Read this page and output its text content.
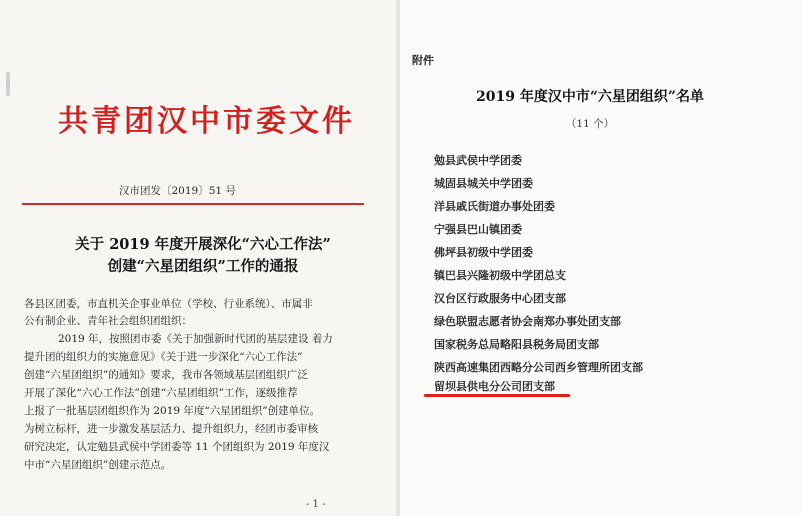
共青团汉中市委文件
汉市团发〔2019〕51 号
关于 2019 年度开展深化“六心工作法”
创建“六星团组织”工作的通报
各县区团委，市直机关企事业单位（学校、行业系统）、市属非
公有制企业、青年社会组织团组织：
2019 年，按照团市委《关于加强新时代团的基层建设 着力
提升团的组织力的实施意见》《关于进一步深化“六心工作法”
创建“六星团组织”的通知》要求，我市各领域基层团组织广泛
开展了深化“六心工作法”创建“六星团组织”工作，逐级推荐
上报了一批基层团组织作为 2019 年度“六星团组织”创建单位。
为树立标杆，进一步激发基层活力、提升组织力，经团市委审核
研究决定，认定勉县武侯中学团委等 11 个团组织为 2019 年度汉
中市“六星团组织”创建示范点。
- 1 -
附件
2019 年度汉中市“六星团组织”名单
（11 个）
勉县武侯中学团委
城固县城关中学团委
洋县戚氏街道办事处团委
宁强县巴山镇团委
佛坪县初级中学团委
镇巴县兴隆初级中学团总支
汉台区行政服务中心团支部
绿色联盟志愿者协会南郑办事处团支部
国家税务总局略阳县税务局团支部
陕西高速集团西略分公司西乡管理所团支部
留坝县供电分公司团支部
